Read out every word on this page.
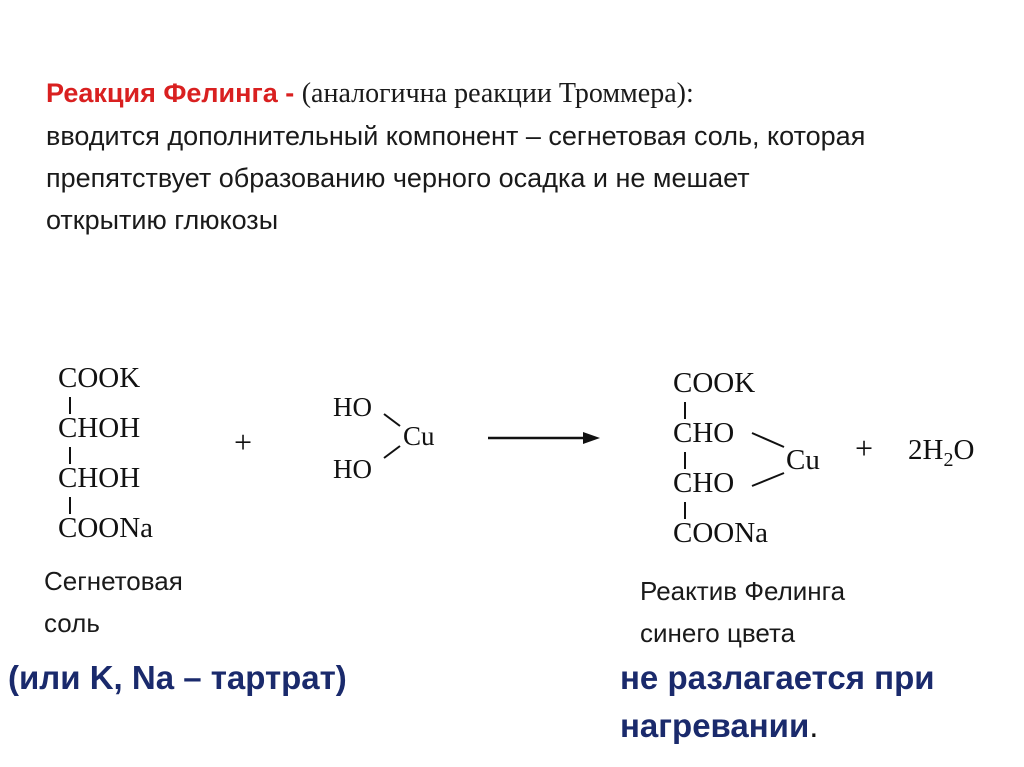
Реакция Фелинга - (аналогична реакции Троммера):
вводится дополнительный компонент – сегнетовая соль, которая
препятствует образованию черного осадка и не мешает
открытию глюкозы
COOK
CHOH
CHOH
COONa
Сегнетовая
соль
+
HO
HO
Cu
COOK
CHO
CHO
COONa
Cu
Реактив Фелинга
синего цвета
+ $2H_2O$
(или K, Na – тартрат)	не разлагается при
нагревании.
